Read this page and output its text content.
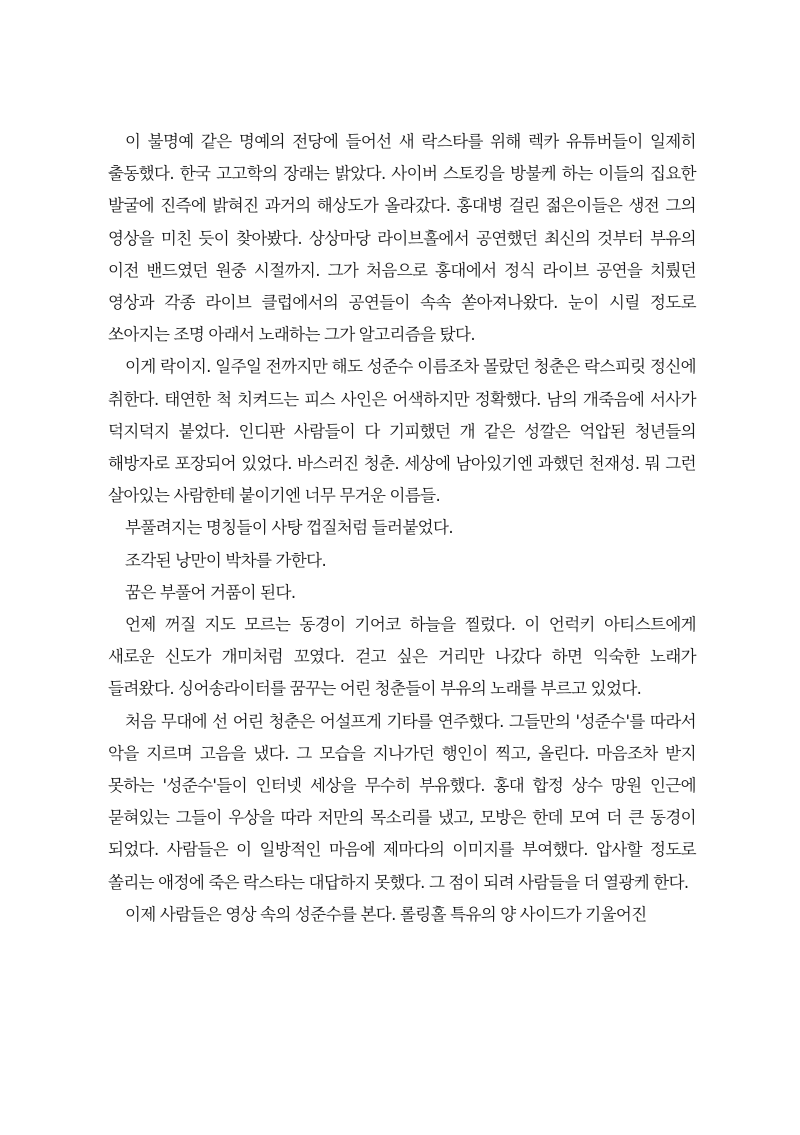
이 불명예 같은 명예의 전당에 들어선 새 락스타를 위해 렉카 유튜버들이 일제히 출동했다. 한국 고고학의 장래는 밝았다. 사이버 스토킹을 방불케 하는 이들의 집요한 발굴에 진즉에 밝혀진 과거의 해상도가 올라갔다. 홍대병 걸린 젊은이들은 생전 그의 영상을 미친 듯이 찾아봤다. 상상마당 라이브홀에서 공연했던 최신의 것부터 부유의 이전 밴드였던 원중 시절까지. 그가 처음으로 홍대에서 정식 라이브 공연을 치뤘던 영상과 각종 라이브 클럽에서의 공연들이 속속 쏟아져나왔다. 눈이 시릴 정도로 쏘아지는 조명 아래서 노래하는 그가 알고리즘을 탔다.

이게 락이지. 일주일 전까지만 해도 성준수 이름조차 몰랐던 청춘은 락스피릿 정신에 취한다. 태연한 척 치켜드는 피스 사인은 어색하지만 정확했다. 남의 개죽음에 서사가 덕지덕지 붙었다. 인디판 사람들이 다 기피했던 개 같은 성깔은 억압된 청년들의 해방자로 포장되어 있었다. 바스러진 청춘. 세상에 남아있기엔 과했던 천재성. 뭐 그런 살아있는 사람한테 붙이기엔 너무 무거운 이름들.

부풀려지는 명칭들이 사탕 껍질처럼 들러붙었다.

조각된 낭만이 박차를 가한다.

꿈은 부풀어 거품이 된다.

언제 꺼질 지도 모르는 동경이 기어코 하늘을 찔렀다. 이 언럭키 아티스트에게 새로운 신도가 개미처럼 꼬였다. 걷고 싶은 거리만 나갔다 하면 익숙한 노래가 들려왔다. 싱어송라이터를 꿈꾸는 어린 청춘들이 부유의 노래를 부르고 있었다.

처음 무대에 선 어린 청춘은 어설프게 기타를 연주했다. 그들만의 '성준수'를 따라서 악을 지르며 고음을 냈다. 그 모습을 지나가던 행인이 찍고, 올린다. 마음조차 받지 못하는 '성준수'들이 인터넷 세상을 무수히 부유했다. 홍대 합정 상수 망원 인근에 묻혀있는 그들이 우상을 따라 저만의 목소리를 냈고, 모방은 한데 모여 더 큰 동경이 되었다. 사람들은 이 일방적인 마음에 제마다의 이미지를 부여했다. 압사할 정도로 쏠리는 애정에 죽은 락스타는 대답하지 못했다. 그 점이 되려 사람들을 더 열광케 한다.

이제 사람들은 영상 속의 성준수를 본다. 롤링홀 특유의 양 사이드가 기울어진
